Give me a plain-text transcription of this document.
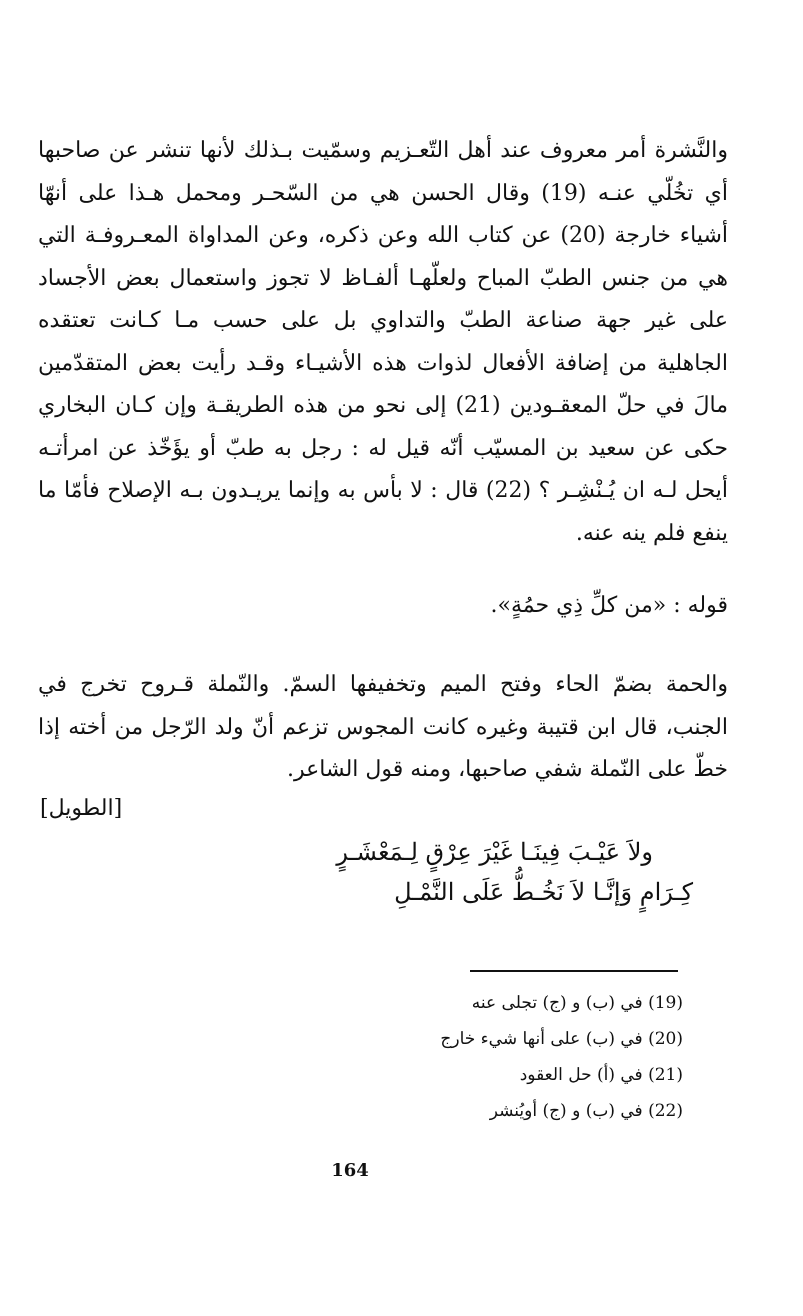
والنَّشرة أمر معروف عند أهل التّعـزيم وسمّيت بـذلك لأنها تنشر عن صاحبها أي تخُلّي عنـه (19) وقال الحسن هي من السّحـر ومحمل هـذا على أنهّا أشياء خارجة (20) عن كتاب الله وعن ذكره، وعن المداواة المعـروفـة التي هي من جنس الطبّ المباح ولعلّهـا ألفـاظ لا تجوز واستعمال بعض الأجساد على غير جهة صناعة الطبّ والتداوي بل على حسب مـا كـانت تعتقده الجاهلية من إضافة الأفعال لذوات هذه الأشيـاء وقـد رأيت بعض المتقدّمين مالَ في حلّ المعقـودين (21) إلى نحو من هذه الطريقـة وإن كـان البخاري حكى عن سعيد بن المسيّب أنّه قيل له : رجل به طبّ أو يؤَخّذ عن امرأتـه أيحل لـه ان يُـنْشِـر ؟ (22) قال : لا بأس به وإنما يريـدون بـه الإصلاح فأمّا ما ينفع فلم ينه عنه.

قوله : «من كلِّ ذِي حمُةٍ».

والحمة بضمّ الحاء وفتح الميم وتخفيفها السمّ. والنّملة قـروح تخرج في الجنب، قال ابن قتيبة وغيره كانت المجوس تزعم أنّ ولد الرّجل من أخته إذا خطّ على النّملة شفي صاحبها، ومنه قول الشاعر.

[الطويل]
ولاَ عَيْـبَ فِينَـا غَيْرَ عِرْقٍ لِـمَعْشَـرٍ
كِـرَامٍ وَإنَّـا لاَ نَخُـطُّ عَلَى النَّمْـلِ
(19) في (ب) و (ج) تجلى عنه
(20) في (ب) على أنها شيء خارج
(21) في (أ) حل العقود
(22) في (ب) و (ج) أويُنشر
164
